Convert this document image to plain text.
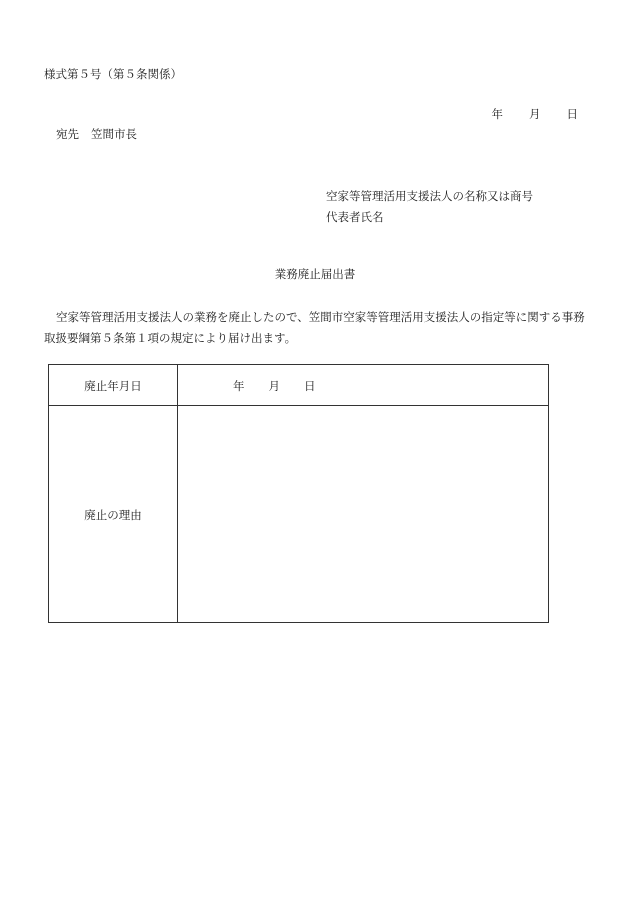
様式第５号（第５条関係）
年 月 日
宛先 笠間市長
空家等管理活用支援法人の名称又は商号
代表者氏名
業務廃止届出書
空家等管理活用支援法人の業務を廃止したので、笠間市空家等管理活用支援法人の指定等に関する事務取扱要綱第５条第１項の規定により届け出ます。
廃止年月日	年 月 日
廃止の理由
